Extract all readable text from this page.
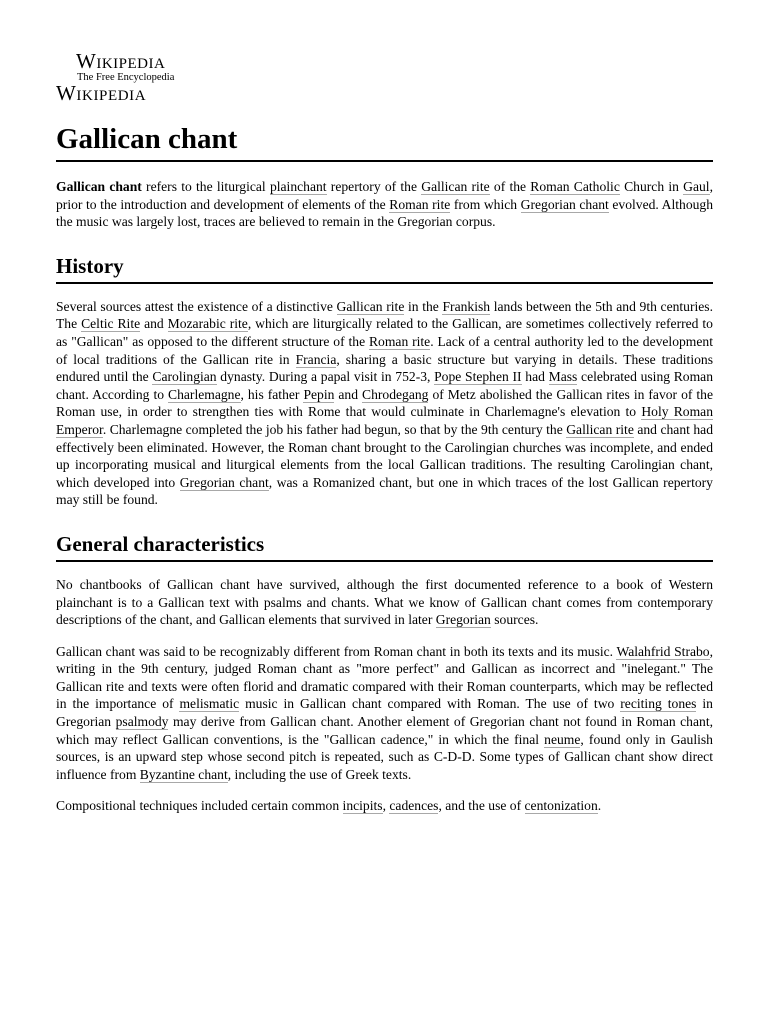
Wikipedia
The Free Encyclopedia
Wikipedia
Gallican chant

Gallican chant refers to the liturgical plainchant repertory of the Gallican rite of the Roman Catholic Church in Gaul, prior to the introduction and development of elements of the Roman rite from which Gregorian chant evolved. Although the music was largely lost, traces are believed to remain in the Gregorian corpus.

History

Several sources attest the existence of a distinctive Gallican rite in the Frankish lands between the 5th and 9th centuries. The Celtic Rite and Mozarabic rite, which are liturgically related to the Gallican, are sometimes collectively referred to as "Gallican" as opposed to the different structure of the Roman rite. Lack of a central authority led to the development of local traditions of the Gallican rite in Francia, sharing a basic structure but varying in details. These traditions endured until the Carolingian dynasty. During a papal visit in 752-3, Pope Stephen II had Mass celebrated using Roman chant. According to Charlemagne, his father Pepin and Chrodegang of Metz abolished the Gallican rites in favor of the Roman use, in order to strengthen ties with Rome that would culminate in Charlemagne's elevation to Holy Roman Emperor. Charlemagne completed the job his father had begun, so that by the 9th century the Gallican rite and chant had effectively been eliminated. However, the Roman chant brought to the Carolingian churches was incomplete, and ended up incorporating musical and liturgical elements from the local Gallican traditions. The resulting Carolingian chant, which developed into Gregorian chant, was a Romanized chant, but one in which traces of the lost Gallican repertory may still be found.

General characteristics

No chantbooks of Gallican chant have survived, although the first documented reference to a book of Western plainchant is to a Gallican text with psalms and chants. What we know of Gallican chant comes from contemporary descriptions of the chant, and Gallican elements that survived in later Gregorian sources.

Gallican chant was said to be recognizably different from Roman chant in both its texts and its music. Walahfrid Strabo, writing in the 9th century, judged Roman chant as "more perfect" and Gallican as incorrect and "inelegant." The Gallican rite and texts were often florid and dramatic compared with their Roman counterparts, which may be reflected in the importance of melismatic music in Gallican chant compared with Roman. The use of two reciting tones in Gregorian psalmody may derive from Gallican chant. Another element of Gregorian chant not found in Roman chant, which may reflect Gallican conventions, is the "Gallican cadence," in which the final neume, found only in Gaulish sources, is an upward step whose second pitch is repeated, such as C-D-D. Some types of Gallican chant show direct influence from Byzantine chant, including the use of Greek texts.

Compositional techniques included certain common incipits, cadences, and the use of centonization.
